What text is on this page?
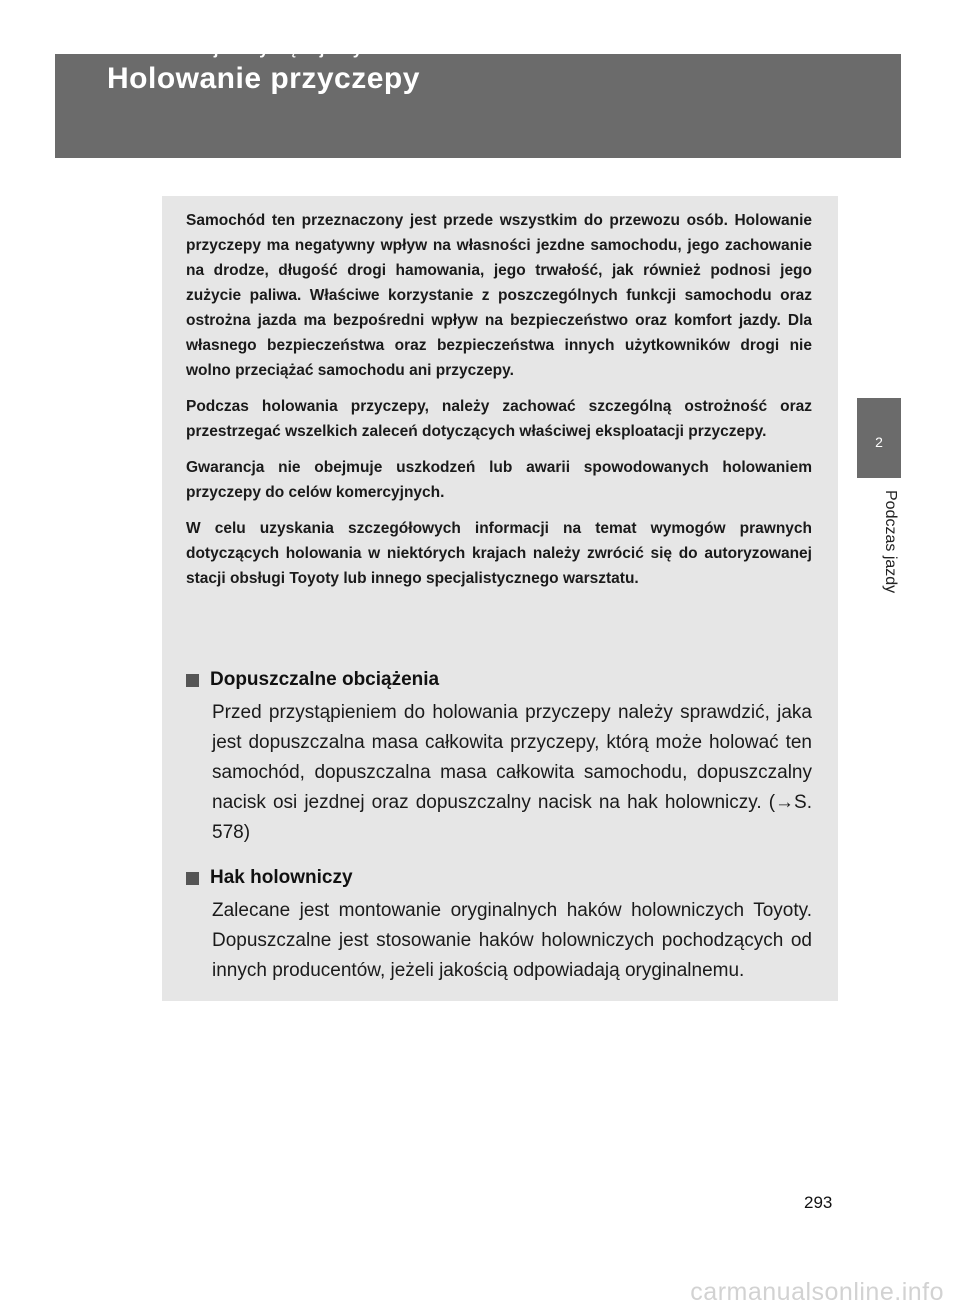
2-5. Informacje dotyczące jazdy
Holowanie przyczepy
2
Podczas jazdy

Samochód ten przeznaczony jest przede wszystkim do przewozu osób. Holowanie przyczepy ma negatywny wpływ na własności jezdne samochodu, jego zachowanie na drodze, długość drogi hamowania, jego trwałość, jak również podnosi jego zużycie paliwa. Właściwe korzystanie z poszczególnych funkcji samochodu oraz ostrożna jazda ma bezpośredni wpływ na bezpieczeństwo oraz komfort jazdy. Dla własnego bezpieczeństwa oraz bezpieczeństwa innych użytkowników drogi nie wolno przeciążać samochodu ani przyczepy.

Podczas holowania przyczepy, należy zachować szczególną ostrożność oraz przestrzegać wszelkich zaleceń dotyczących właściwej eksploatacji przyczepy.

Gwarancja nie obejmuje uszkodzeń lub awarii spowodowanych holowaniem przyczepy do celów komercyjnych.

W celu uzyskania szczegółowych informacji na temat wymogów prawnych dotyczących holowania w niektórych krajach należy zwrócić się do autoryzowanej stacji obsługi Toyoty lub innego specjalistycznego warsztatu.

Dopuszczalne obciążenia
Przed przystąpieniem do holowania przyczepy należy sprawdzić, jaka jest dopuszczalna masa całkowita przyczepy, którą może holować ten samochód, dopuszczalna masa całkowita samochodu, dopuszczalny nacisk osi jezdnej oraz dopuszczalny nacisk na hak holowniczy. (→S. 578)
Hak holowniczy
Zalecane jest montowanie oryginalnych haków holowniczych Toyoty. Dopuszczalne jest stosowanie haków holowniczych pochodzących od innych producentów, jeżeli jakością odpowiadają oryginalnemu.
293
carmanualsonline.info
